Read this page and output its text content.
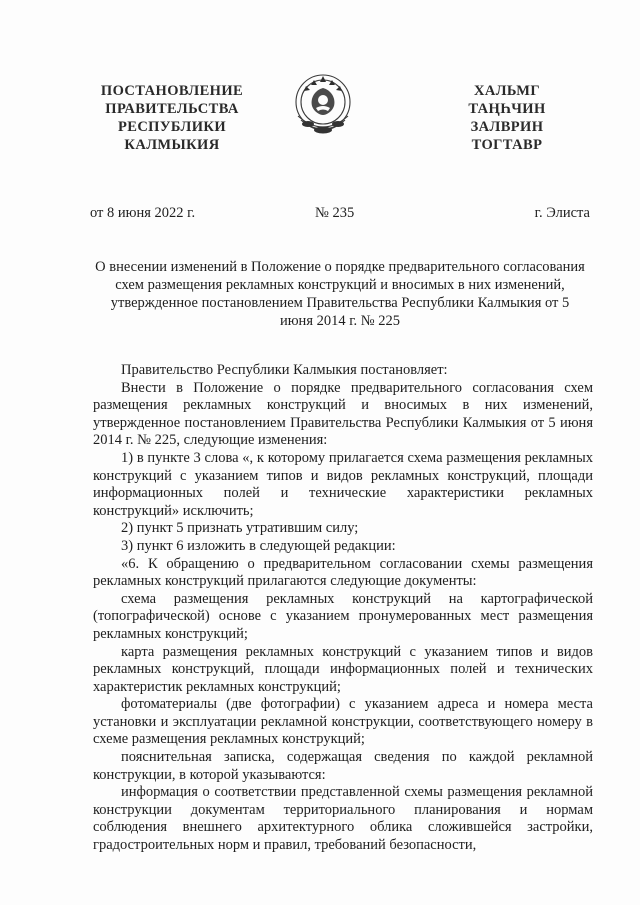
ПОСТАНОВЛЕНИЕ
ПРАВИТЕЛЬСТВА
РЕСПУБЛИКИ
КАЛМЫКИЯ
ХАЛЬМГ
ТАҢҺЧИН
ЗАЛВРИН
ТОГТАВР
от 8 июня 2022 г.	№ 235	г. Элиста
О внесении изменений в Положение о порядке предварительного согласования схем размещения рекламных конструкций и вносимых в них изменений, утвержденное постановлением Правительства Республики Калмыкия от 5 июня 2014 г. № 225

Правительство Республики Калмыкия постановляет:

Внести в Положение о порядке предварительного согласования схем размещения рекламных конструкций и вносимых в них изменений, утвержденное постановлением Правительства Республики Калмыкия от 5 июня 2014 г. № 225, следующие изменения:

1) в пункте 3 слова «, к которому прилагается схема размещения рекламных конструкций с указанием типов и видов рекламных конструкций, площади информационных полей и технические характеристики рекламных конструкций» исключить;

2) пункт 5 признать утратившим силу;

3) пункт 6 изложить в следующей редакции:

«6. К обращению о предварительном согласовании схемы размещения рекламных конструкций прилагаются следующие документы:

схема размещения рекламных конструкций на картографической (топографической) основе с указанием пронумерованных мест размещения рекламных конструкций;

карта размещения рекламных конструкций с указанием типов и видов рекламных конструкций, площади информационных полей и технических характеристик рекламных конструкций;

фотоматериалы (две фотографии) с указанием адреса и номера места установки и эксплуатации рекламной конструкции, соответствующего номеру в схеме размещения рекламных конструкций;

пояснительная записка, содержащая сведения по каждой рекламной конструкции, в которой указываются:

информация о соответствии представленной схемы размещения рекламной конструкции документам территориального планирования и нормам соблюдения внешнего архитектурного облика сложившейся застройки, градостроительных норм и правил, требований безопасности,
